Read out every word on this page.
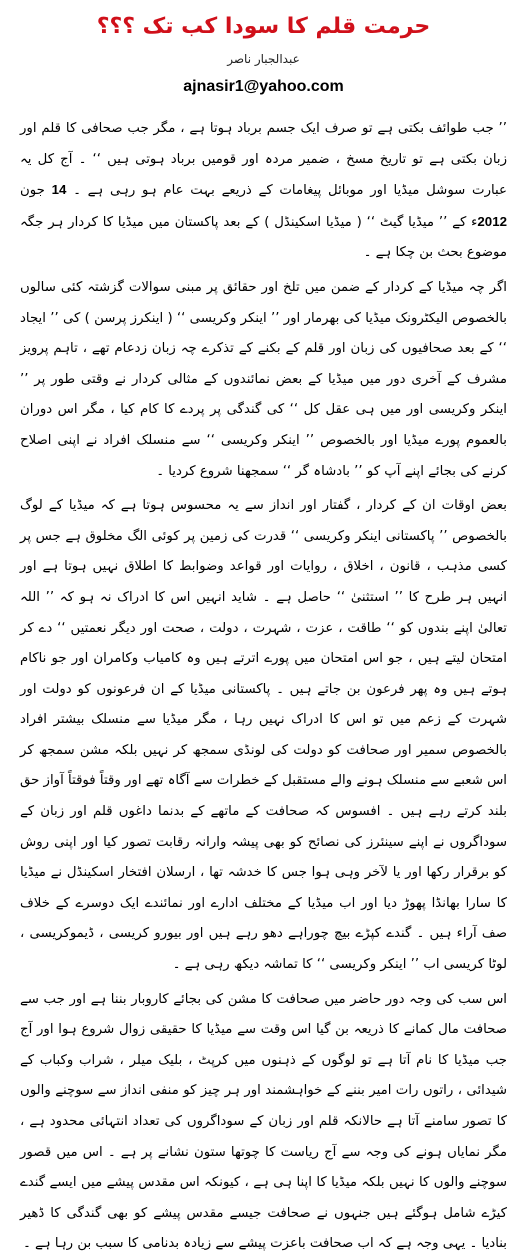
حرمت قلم کا سودا کب تک ؟؟؟
عبدالجبار ناصر
ajnasir1@yahoo.com

’’ جب طوائف بکتی ہے تو صرف ایک جسم برباد ہوتا ہے ، مگر جب صحافی کا قلم اور زبان بکتی ہے تو تاریخ مسخ ، ضمیر مردہ اور قومیں برباد ہوتی ہیں ‘‘ ۔ آج کل یہ عبارت سوشل میڈیا اور موبائل پیغامات کے ذریعے بہت عام ہو رہی ہے ۔ 14 جون 2012ء کے ’’ میڈیا گیٹ ‘‘ ( میڈیا اسکینڈل ) کے بعد پاکستان میں میڈیا کا کردار ہر جگہ موضوع بحث بن چکا ہے ۔

اگر چہ میڈیا کے کردار کے ضمن میں تلخ اور حقائق پر مبنی سوالات گزشتہ کئی سالوں بالخصوص الیکٹرونک میڈیا کی بھرمار اور ’’ اینکر وکریسی ‘‘ ( اینکرز پرسن ) کی ’’ ایجاد ‘‘ کے بعد صحافیوں کی زبان اور قلم کے بکنے کے تذکرے چہ زبان زدعام تھے ، تاہم پرویز مشرف کے آخری دور میں میڈیا کے بعض نمائندوں کے مثالی کردار نے وقتی طور پر ’’ اینکر وکریسی اور میں ہی عقل کل ‘‘ کی گندگی پر پردے کا کام کیا ، مگر اس دوران بالعموم پورے میڈیا اور بالخصوص ’’ اینکر وکریسی ‘‘ سے منسلک افراد نے اپنی اصلاح کرنے کی بجائے اپنے آپ کو ’’ بادشاہ گر ‘‘ سمجھنا شروع کردیا ۔

بعض اوقات ان کے کردار ، گفتار اور انداز سے یہ محسوس ہوتا ہے کہ میڈیا کے لوگ بالخصوص ’’ پاکستانی اینکر وکریسی ‘‘ قدرت کی زمین پر کوئی الگ مخلوق ہے جس پر کسی مذہب ، قانون ، اخلاق ، روایات اور قواعد وضوابط کا اطلاق نہیں ہوتا ہے اور انہیں ہر طرح کا ’’ استثنیٰ ‘‘ حاصل ہے ۔ شاید انہیں اس کا ادراک نہ ہو کہ ’’ اللہ تعالیٰ اپنے بندوں کو ‘‘ طاقت ، عزت ، شہرت ، دولت ، صحت اور دیگر نعمتیں ‘‘ دے کر امتحان لیتے ہیں ، جو اس امتحان میں پورے اترتے ہیں وہ کامیاب وکامران اور جو ناکام ہوتے ہیں وہ پھر فرعون بن جاتے ہیں ۔ پاکستانی میڈیا کے ان فرعونوں کو دولت اور شہرت کے زعم میں تو اس کا ادراک نہیں رہا ، مگر میڈیا سے منسلک بیشتر افراد بالخصوص سمیر اور صحافت کو دولت کی لونڈی سمجھ کر نہیں بلکہ مشن سمجھ کر اس شعبے سے منسلک ہونے والے مستقبل کے خطرات سے آگاہ تھے اور وقتاً فوقتاً آواز حق بلند کرتے رہے ہیں ۔ افسوس کہ صحافت کے ماتھے کے بدنما داغوں قلم اور زبان کے سوداگروں نے اپنے سینئرز کی نصائح کو بھی پیشہ وارانہ رقابت تصور کیا اور اپنی روش کو برقرار رکھا اور یا لآخر وہی ہوا جس کا خدشہ تھا ، ارسلان افتخار اسکینڈل نے میڈیا کا سارا بھانڈا پھوڑ دیا اور اب میڈیا کے مختلف ادارے اور نمائندے ایک دوسرے کے خلاف صف آراء ہیں ۔ گندے کپڑے بیچ چوراہے دھو رہے ہیں اور بیورو کریسی ، ڈیموکریسی ، لوٹا کریسی اب ’’ اینکر وکریسی ‘‘ کا تماشہ دیکھ رہی ہے ۔

اس سب کی وجہ دور حاضر میں صحافت کا مشن کی بجائے کاروبار بننا ہے اور جب سے صحافت مال کمانے کا ذریعہ بن گیا اس وقت سے میڈیا کا حقیقی زوال شروع ہوا اور آج جب میڈیا کا نام آتا ہے تو لوگوں کے ذہنوں میں کرپٹ ، بلیک میلر ، شراب وکباب کے شیدائی ، راتوں رات امیر بننے کے خواہشمند اور ہر چیز کو منفی انداز سے سوچنے والوں کا تصور سامنے آتا ہے حالانکہ قلم اور زبان کے سوداگروں کی تعداد انتہائی محدود ہے ، مگر نمایاں ہونے کی وجہ سے آج ریاست کا چوتھا ستون نشانے پر ہے ۔ اس میں قصور سوچنے والوں کا نہیں بلکہ میڈیا کا اپنا ہی ہے ، کیونکہ اس مقدس پیشے میں ایسے گندے کیڑے شامل ہوگئے ہیں جنہوں نے صحافت جیسے مقدس پیشے کو بھی گندگی کا ڈھیر بنادیا ۔ یہی وجہ ہے کہ اب صحافت باعزت پیشے سے زیادہ بدنامی کا سبب بن رہا ہے ۔
